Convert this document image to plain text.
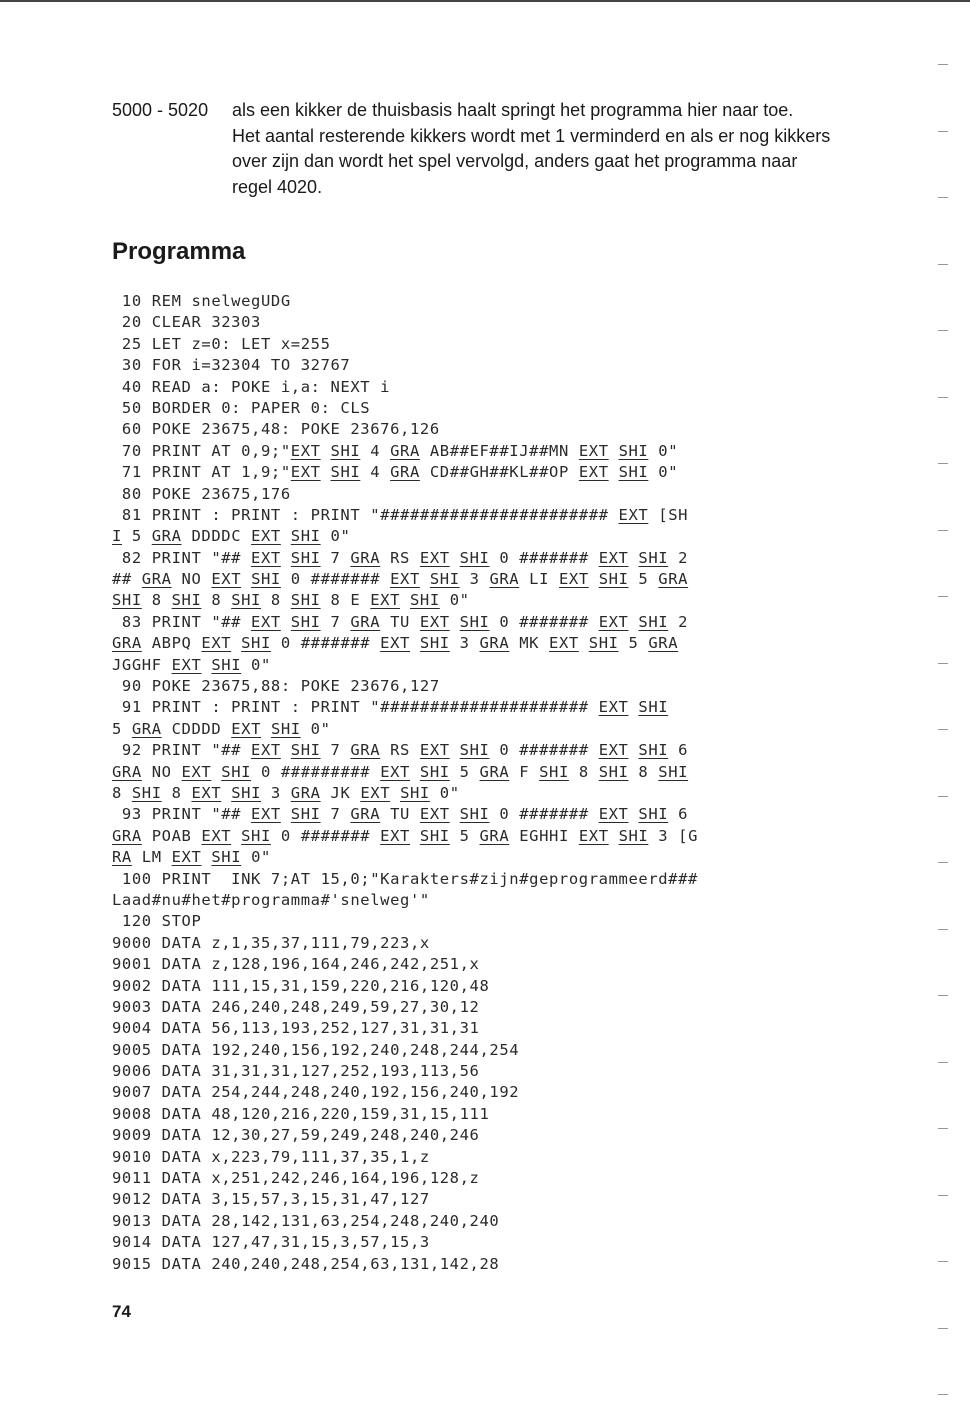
5000 - 5020	als een kikker de thuisbasis haalt springt het programma hier naar toe.
Het aantal resterende kikkers wordt met 1 verminderd en als er nog kikkers
over zijn dan wordt het spel vervolgd, anders gaat het programma naar
regel 4020.
Programma
10 REM snelwegUDG
20 CLEAR 32303
25 LET z=0: LET x=255
30 FOR i=32304 TO 32767
40 READ a: POKE i,a: NEXT i
50 BORDER 0: PAPER 0: CLS
60 POKE 23675,48: POKE 23676,126
70 PRINT AT 0,9;"EXT SHI 4 GRA AB##EF##IJ##MN EXT SHI 0"
71 PRINT AT 1,9;"EXT SHI 4 GRA CD##GH##KL##OP EXT SHI 0"
80 POKE 23675,176
81 PRINT : PRINT : PRINT "####################### EXT [SH
I 5 GRA DDDDC EXT SHI 0"
82 PRINT "## EXT SHI 7 GRA RS EXT SHI 0 ####### EXT SHI 2
## GRA NO EXT SHI 0 ####### EXT SHI 3 GRA LI EXT SHI 5 GRA
SHI 8 SHI 8 SHI 8 SHI 8 E EXT SHI 0"
83 PRINT "## EXT SHI 7 GRA TU EXT SHI 0 ####### EXT SHI 2
GRA ABPQ EXT SHI 0 ####### EXT SHI 3 GRA MK EXT SHI 5 GRA
JGGHF EXT SHI 0"
90 POKE 23675,88: POKE 23676,127
91 PRINT : PRINT : PRINT "##################### EXT SHI
5 GRA CDDDD EXT SHI 0"
92 PRINT "## EXT SHI 7 GRA RS EXT SHI 0 ####### EXT SHI 6
GRA NO EXT SHI 0 ######### EXT SHI 5 GRA F SHI 8 SHI 8 SHI
8 SHI 8 EXT SHI 3 GRA JK EXT SHI 0"
93 PRINT "## EXT SHI 7 GRA TU EXT SHI 0 ####### EXT SHI 6
GRA POAB EXT SHI 0 ####### EXT SHI 5 GRA EGHHI EXT SHI 3 [G
RA LM EXT SHI 0"
100 PRINT  INK 7;AT 15,0;"Karakters#zijn#geprogrammeerd###
Laad#nu#het#programma#'snelweg'"
120 STOP
9000 DATA z,1,35,37,111,79,223,x
9001 DATA z,128,196,164,246,242,251,x
9002 DATA 111,15,31,159,220,216,120,48
9003 DATA 246,240,248,249,59,27,30,12
9004 DATA 56,113,193,252,127,31,31,31
9005 DATA 192,240,156,192,240,248,244,254
9006 DATA 31,31,31,127,252,193,113,56
9007 DATA 254,244,248,240,192,156,240,192
9008 DATA 48,120,216,220,159,31,15,111
9009 DATA 12,30,27,59,249,248,240,246
9010 DATA x,223,79,111,37,35,1,z
9011 DATA x,251,242,246,164,196,128,z
9012 DATA 3,15,57,3,15,31,47,127
9013 DATA 28,142,131,63,254,248,240,240
9014 DATA 127,47,31,15,3,57,15,3
9015 DATA 240,240,248,254,63,131,142,28
74
